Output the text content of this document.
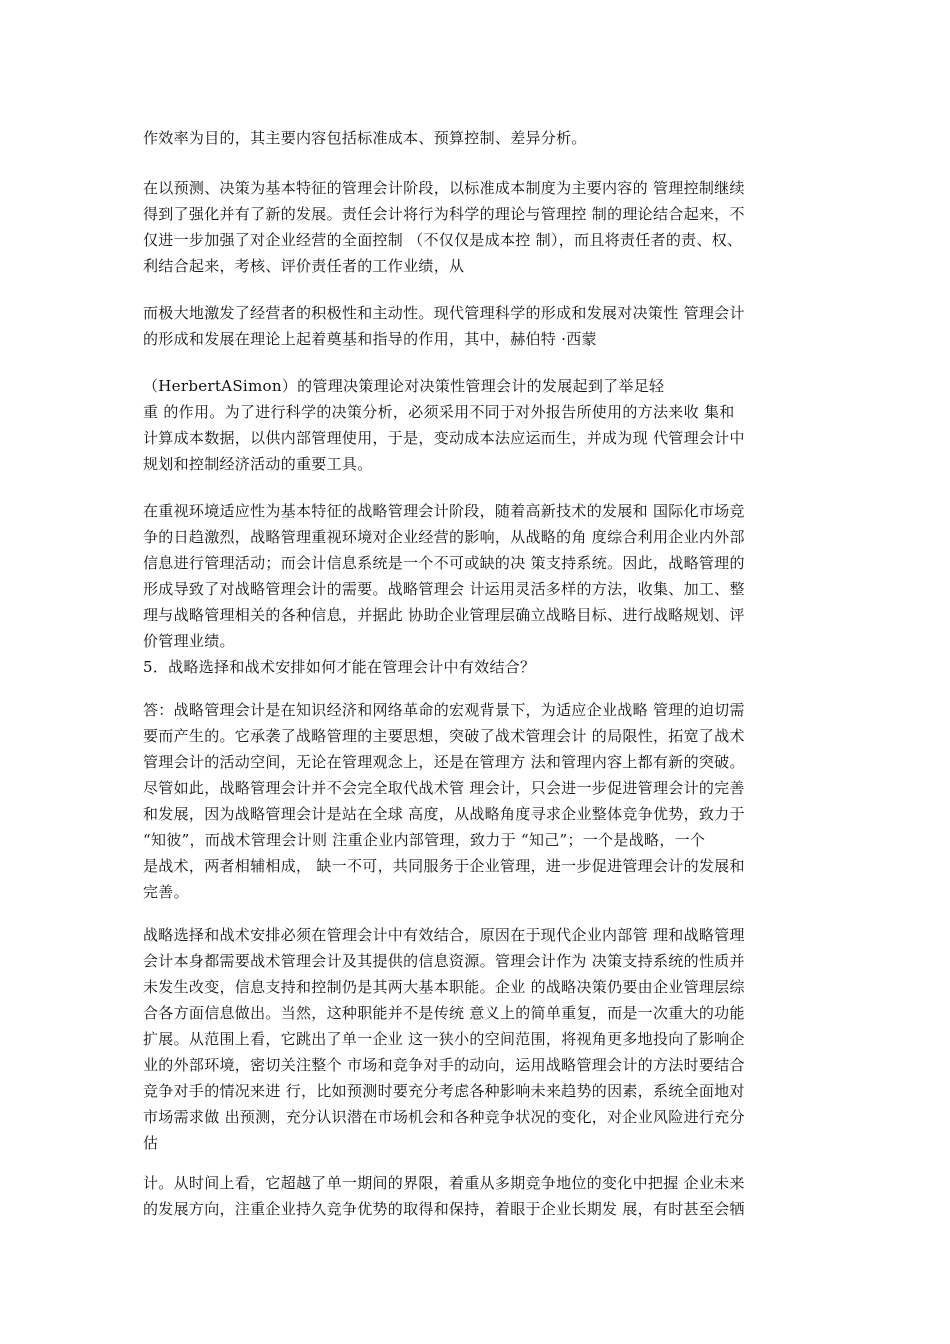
作效率为目的，其主要内容包括标准成本、预算控制、差异分析。

在以预测、决策为基本特征的管理会计阶段，以标准成本制度为主要内容的 管理控制继续
得到了强化并有了新的发展。责任会计将行为科学的理论与管理控 制的理论结合起来，不
仅进一步加强了对企业经营的全面控制 （不仅仅是成本控 制），而且将责任者的责、权、
利结合起来，考核、评价责任者的工作业绩，从

而极大地激发了经营者的积极性和主动性。现代管理科学的形成和发展对决策性 管理会计
的形成和发展在理论上起着奠基和指导的作用，其中，赫伯特 ·西蒙

（HerbertASimon）的管理决策理论对决策性管理会计的发展起到了举足轻
重 的作用。为了进行科学的决策分析，必须采用不同于对外报告所使用的方法来收 集和
计算成本数据，以供内部管理使用，于是，变动成本法应运而生，并成为现 代管理会计中
规划和控制经济活动的重要工具。

在重视环境适应性为基本特征的战略管理会计阶段，随着高新技术的发展和 国际化市场竞
争的日趋激烈，战略管理重视环境对企业经营的影响，从战略的角 度综合利用企业内外部
信息进行管理活动；而会计信息系统是一个不可或缺的决 策支持系统。因此，战略管理的
形成导致了对战略管理会计的需要。战略管理会 计运用灵活多样的方法，收集、加工、整
理与战略管理相关的各种信息，并据此 协助企业管理层确立战略目标、进行战略规划、评
价管理业绩。
5．战略选择和战术安排如何才能在管理会计中有效结合？

答：战略管理会计是在知识经济和网络革命的宏观背景下，为适应企业战略 管理的迫切需
要而产生的。它承袭了战略管理的主要思想，突破了战术管理会计 的局限性，拓宽了战术
管理会计的活动空间，无论在管理观念上，还是在管理方 法和管理内容上都有新的突破。
尽管如此，战略管理会计并不会完全取代战术管 理会计，只会进一步促进管理会计的完善
和发展，因为战略管理会计是站在全球 高度，从战略角度寻求企业整体竞争优势，致力于
“知彼”，而战术管理会计则 注重企业内部管理，致力于 “知己”；一个是战略，一个
是战术，两者相辅相成， 缺一不可，共同服务于企业管理，进一步促进管理会计的发展和
完善。

战略选择和战术安排必须在管理会计中有效结合，原因在于现代企业内部管 理和战略管理
会计本身都需要战术管理会计及其提供的信息资源。管理会计作为 决策支持系统的性质并
未发生改变，信息支持和控制仍是其两大基本职能。企业 的战略决策仍要由企业管理层综
合各方面信息做出。当然，这种职能并不是传统 意义上的简单重复，而是一次重大的功能
扩展。从范围上看，它跳出了单一企业 这一狭小的空间范围，将视角更多地投向了影响企
业的外部环境，密切关注整个 市场和竞争对手的动向，运用战略管理会计的方法时要结合
竞争对手的情况来进 行，比如预测时要充分考虑各种影响未来趋势的因素，系统全面地对
市场需求做 出预测，充分认识潜在市场机会和各种竞争状况的变化，对企业风险进行充分
估

计。从时间上看，它超越了单一期间的界限，着重从多期竞争地位的变化中把握 企业未来
的发展方向，注重企业持久竞争优势的取得和保持，着眼于企业长期发 展，有时甚至会牺
